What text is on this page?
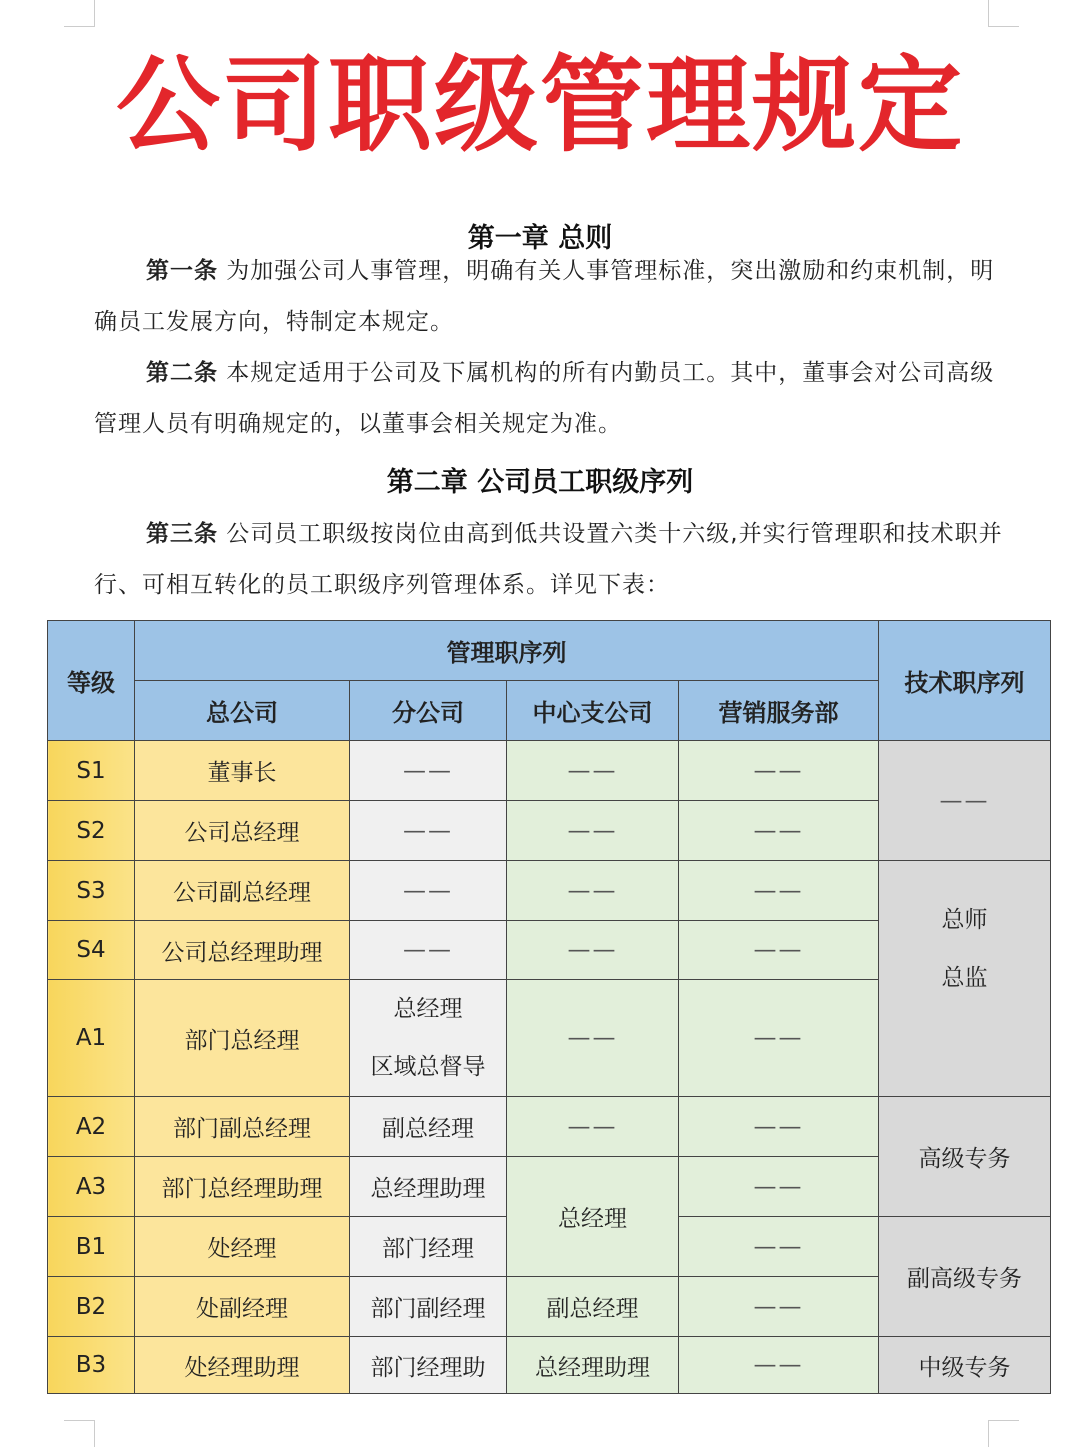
公司职级管理规定
第一章 总则
第一条 为加强公司人事管理，明确有关人事管理标准，突出激励和约束机制，明确员工发展方向，特制定本规定。
第二条 本规定适用于公司及下属机构的所有内勤员工。其中，董事会对公司高级管理人员有明确规定的，以董事会相关规定为准。
第二章 公司员工职级序列
第三条 公司员工职级按岗位由高到低共设置六类十六级,并实行管理职和技术职并行、可相互转化的员工职级序列管理体系。详见下表：
等级	管理职序列				技术职序列
	总公司	分公司	中心支公司	营销服务部	
S1	董事长	——	——	——	——
S2	公司总经理	——	——	——	
S3	公司副总经理	——	——	——	总师
总监

S4	公司总经理助理	——	——	——	
A1	部门总经理	总经理
区域总督导	——	——	
A2	部门副总经理	副总经理	——	——	高级专务
A3	部门总经理助理	总经理助理	总经理	——	
B1	处经理	部门经理		——	副高级专务
B2	处副经理	部门副经理	副总经理	——	
B3	处经理助理	部门经理助	总经理助理	——	中级专务
